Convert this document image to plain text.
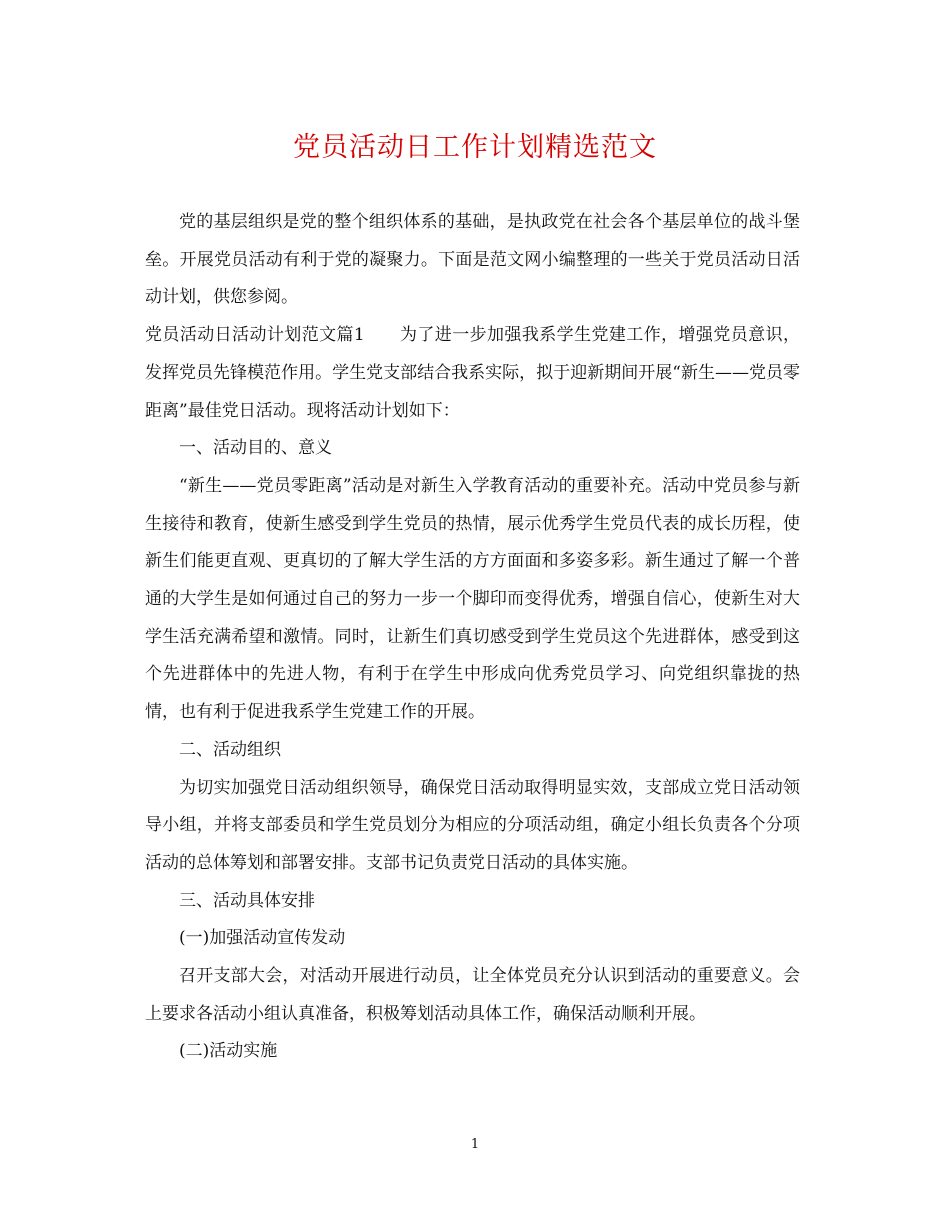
党员活动日工作计划精选范文

党的基层组织是党的整个组织体系的基础，是执政党在社会各个基层单位的战斗堡垒。开展党员活动有利于党的凝聚力。下面是范文网小编整理的一些关于党员活动日活动计划，供您参阅。

党员活动日活动计划范文篇1　　为了进一步加强我系学生党建工作，增强党员意识，发挥党员先锋模范作用。学生党支部结合我系实际，拟于迎新期间开展“新生——党员零距离”最佳党日活动。现将活动计划如下：

一、活动目的、意义

“新生——党员零距离”活动是对新生入学教育活动的重要补充。活动中党员参与新生接待和教育，使新生感受到学生党员的热情，展示优秀学生党员代表的成长历程，使新生们能更直观、更真切的了解大学生活的方方面面和多姿多彩。新生通过了解一个普通的大学生是如何通过自己的努力一步一个脚印而变得优秀，增强自信心，使新生对大学生活充满希望和激情。同时，让新生们真切感受到学生党员这个先进群体，感受到这个先进群体中的先进人物，有利于在学生中形成向优秀党员学习、向党组织靠拢的热情，也有利于促进我系学生党建工作的开展。

二、活动组织

为切实加强党日活动组织领导，确保党日活动取得明显实效，支部成立党日活动领导小组，并将支部委员和学生党员划分为相应的分项活动组，确定小组长负责各个分项活动的总体筹划和部署安排。支部书记负责党日活动的具体实施。

三、活动具体安排

(一)加强活动宣传发动

召开支部大会，对活动开展进行动员，让全体党员充分认识到活动的重要意义。会上要求各活动小组认真准备，积极筹划活动具体工作，确保活动顺利开展。

(二)活动实施

1
